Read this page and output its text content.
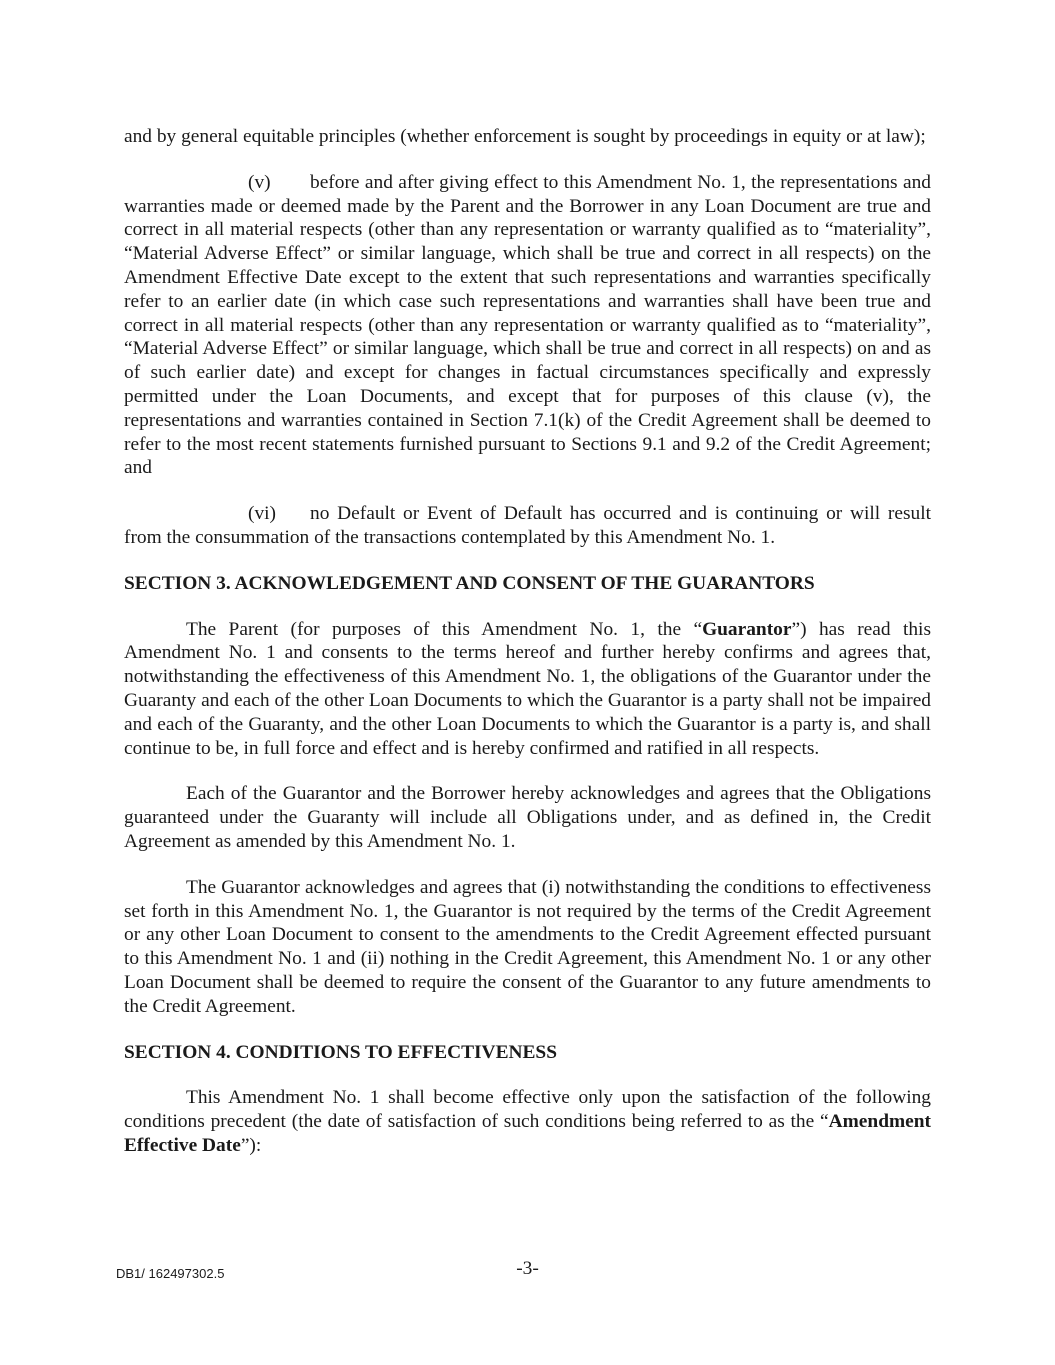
and by general equitable principles (whether enforcement is sought by proceedings in equity or at law);

(v) before and after giving effect to this Amendment No. 1, the representations and warranties made or deemed made by the Parent and the Borrower in any Loan Document are true and correct in all material respects (other than any representation or warranty qualified as to “materiality”, “Material Adverse Effect” or similar language, which shall be true and correct in all respects) on the Amendment Effective Date except to the extent that such representations and warranties specifically refer to an earlier date (in which case such representations and warranties shall have been true and correct in all material respects (other than any representation or warranty qualified as to “materiality”, “Material Adverse Effect” or similar language, which shall be true and correct in all respects) on and as of such earlier date) and except for changes in factual circumstances specifically and expressly permitted under the Loan Documents, and except that for purposes of this clause (v), the representations and warranties contained in Section 7.1(k) of the Credit Agreement shall be deemed to refer to the most recent statements furnished pursuant to Sections 9.1 and 9.2 of the Credit Agreement; and

(vi) no Default or Event of Default has occurred and is continuing or will result from the consummation of the transactions contemplated by this Amendment No. 1.

SECTION 3. ACKNOWLEDGEMENT AND CONSENT OF THE GUARANTORS

The Parent (for purposes of this Amendment No. 1, the “Guarantor”) has read this Amendment No. 1 and consents to the terms hereof and further hereby confirms and agrees that, notwithstanding the effectiveness of this Amendment No. 1, the obligations of the Guarantor under the Guaranty and each of the other Loan Documents to which the Guarantor is a party shall not be impaired and each of the Guaranty, and the other Loan Documents to which the Guarantor is a party is, and shall continue to be, in full force and effect and is hereby confirmed and ratified in all respects.

Each of the Guarantor and the Borrower hereby acknowledges and agrees that the Obligations guaranteed under the Guaranty will include all Obligations under, and as defined in, the Credit Agreement as amended by this Amendment No. 1.

The Guarantor acknowledges and agrees that (i) notwithstanding the conditions to effectiveness set forth in this Amendment No. 1, the Guarantor is not required by the terms of the Credit Agreement or any other Loan Document to consent to the amendments to the Credit Agreement effected pursuant to this Amendment No. 1 and (ii) nothing in the Credit Agreement, this Amendment No. 1 or any other Loan Document shall be deemed to require the consent of the Guarantor to any future amendments to the Credit Agreement.

SECTION 4. CONDITIONS TO EFFECTIVENESS

This Amendment No. 1 shall become effective only upon the satisfaction of the following conditions precedent (the date of satisfaction of such conditions being referred to as the “Amendment Effective Date”):

DB1/ 162497302.5	-3-
